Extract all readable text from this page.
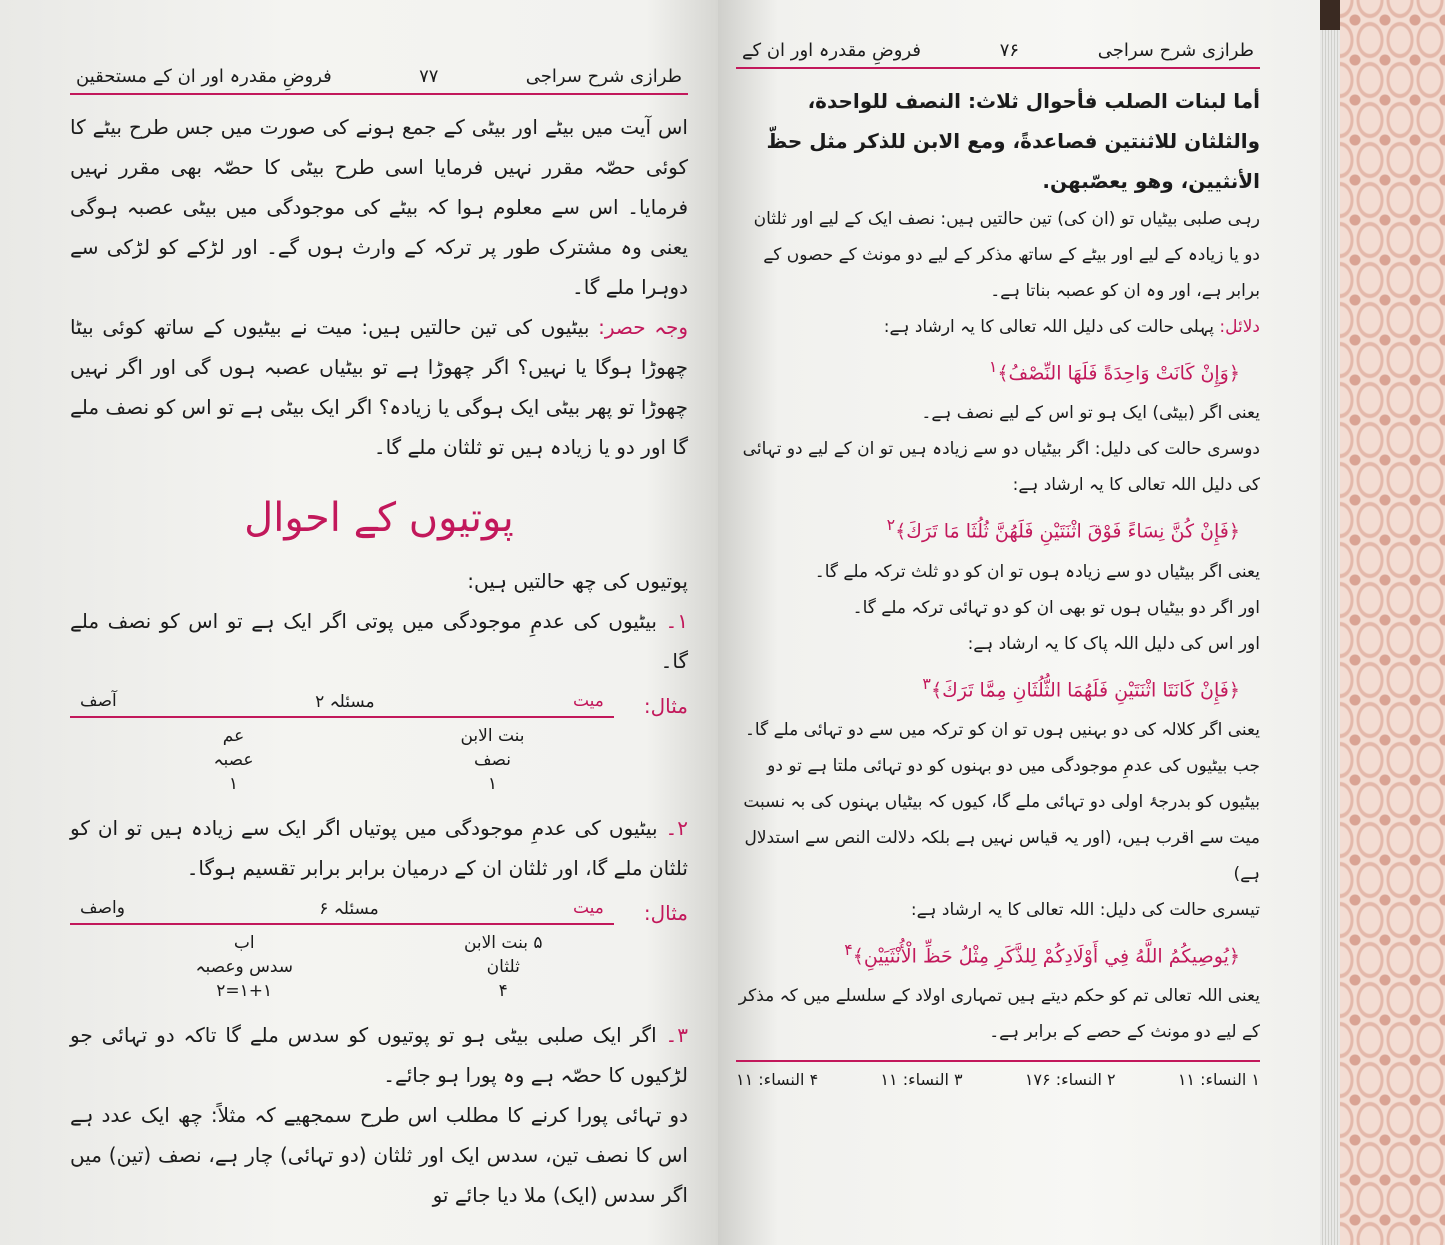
طرازی شرح سراجی
۷۷
فروضِ مقدرہ اور ان کے مستحقین

اس آیت میں بیٹے اور بیٹی کے جمع ہونے کی صورت میں جس طرح بیٹے کا کوئی حصّہ مقرر نہیں فرمایا اسی طرح بیٹی کا حصّہ بھی مقرر نہیں فرمایا۔ اس سے معلوم ہوا کہ بیٹے کی موجودگی میں بیٹی عصبہ ہوگی یعنی وہ مشترک طور پر ترکہ کے وارث ہوں گے۔ اور لڑکے کو لڑکی سے دوہرا ملے گا۔

وجہ حصر: بیٹیوں کی تین حالتیں ہیں: میت نے بیٹیوں کے ساتھ کوئی بیٹا چھوڑا ہوگا یا نہیں؟ اگر چھوڑا ہے تو بیٹیاں عصبہ ہوں گی اور اگر نہیں چھوڑا تو پھر بیٹی ایک ہوگی یا زیادہ؟ اگر ایک بیٹی ہے تو اس کو نصف ملے گا اور دو یا زیادہ ہیں تو ثلثان ملے گا۔

پوتیوں کے احوال

پوتیوں کی چھ حالتیں ہیں:

۱۔ بیٹیوں کی عدمِ موجودگی میں پوتی اگر ایک ہے تو اس کو نصف ملے گا۔

مثال:
میت
مسئلہ ۲
آصف
بنت الابن
نصف
۱
عم
عصبہ
۱

۲۔ بیٹیوں کی عدمِ موجودگی میں پوتیاں اگر ایک سے زیادہ ہیں تو ان کو ثلثان ملے گا، اور ثلثان ان کے درمیان برابر برابر تقسیم ہوگا۔

مثال:
میت
مسئلہ ۶
واصف
۵ بنت الابن
ثلثان
۴
اب
سدس وعصبہ
۱+۱=۲

۳۔ اگر ایک صلبی بیٹی ہو تو پوتیوں کو سدس ملے گا تاکہ دو تہائی جو لڑکیوں کا حصّہ ہے وہ پورا ہو جائے۔

دو تہائی پورا کرنے کا مطلب اس طرح سمجھیے کہ مثلاً: چھ ایک عدد ہے اس کا نصف تین، سدس ایک اور ثلثان (دو تہائی) چار ہے، نصف (تین) میں اگر سدس (ایک) ملا دیا جائے تو

طرازی شرح سراجی
۷۶
فروضِ مقدرہ اور ان کے

أما لبنات الصلب فأحوال ثلاث: النصف للواحدة، والثلثان للاثنتين فصاعدةً، ومع الابن للذكر مثل حظّ الأنثيين، وهو يعصّبهن.

رہی صلبی بیٹیاں تو (ان کی) تین حالتیں ہیں: نصف ایک کے لیے اور ثلثان دو یا زیادہ کے لیے اور بیٹے کے ساتھ مذکر کے لیے دو مونث کے حصوں کے برابر ہے، اور وہ ان کو عصبہ بناتا ہے۔

دلائل: پہلی حالت کی دلیل اللہ تعالی کا یہ ارشاد ہے:

﴿وَإِنْ كَانَتْ وَاحِدَةً فَلَهَا النِّصْفُ﴾$^۱$

یعنی اگر (بیٹی) ایک ہو تو اس کے لیے نصف ہے۔

دوسری حالت کی دلیل: اگر بیٹیاں دو سے زیادہ ہیں تو ان کے لیے دو تہائی کی دلیل اللہ تعالی کا یہ ارشاد ہے:

﴿فَإِنْ كُنَّ نِسَاءً فَوْقَ اثْنَتَيْنِ فَلَهُنَّ ثُلُثَا مَا تَرَكَ﴾$^۲$

یعنی اگر بیٹیاں دو سے زیادہ ہوں تو ان کو دو ثلث ترکہ ملے گا۔

اور اگر دو بیٹیاں ہوں تو بھی ان کو دو تہائی ترکہ ملے گا۔

اور اس کی دلیل اللہ پاک کا یہ ارشاد ہے:

﴿فَإِنْ كَانَتَا اثْنَتَيْنِ فَلَهُمَا الثُّلُثَانِ مِمَّا تَرَكَ﴾$^۳$

یعنی اگر کلالہ کی دو بہنیں ہوں تو ان کو ترکہ میں سے دو تہائی ملے گا۔

جب بیٹیوں کی عدمِ موجودگی میں دو بہنوں کو دو تہائی ملتا ہے تو دو بیٹیوں کو بدرجۂ اولی دو تہائی ملے گا، کیوں کہ بیٹیاں بہنوں کی بہ نسبت میت سے اقرب ہیں، (اور یہ قیاس نہیں ہے بلکہ دلالت النص سے استدلال ہے)

تیسری حالت کی دلیل: اللہ تعالی کا یہ ارشاد ہے:

﴿يُوصِيكُمُ اللَّهُ فِي أَوْلَادِكُمْ لِلذَّكَرِ مِثْلُ حَظِّ الْأُنْثَيَيْنِ﴾$^۴$

یعنی اللہ تعالی تم کو حکم دیتے ہیں تمہاری اولاد کے سلسلے میں کہ مذکر کے لیے دو مونث کے حصے کے برابر ہے۔

۱ النساء: ۱۱
۲ النساء: ۱۷۶
۳ النساء: ۱۱
۴ النساء: ۱۱
